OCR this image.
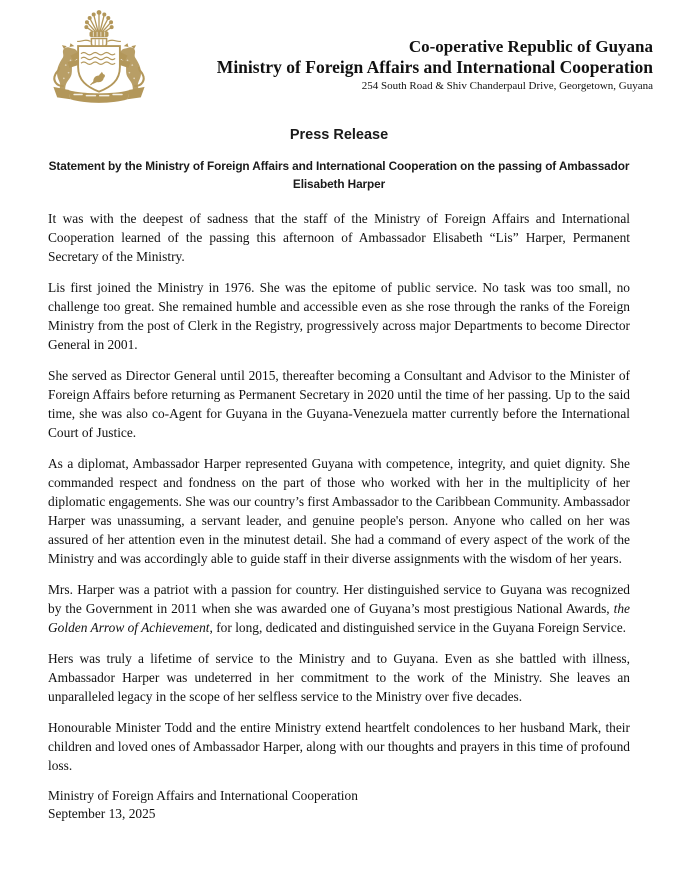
Co-operative Republic of Guyana
Ministry of Foreign Affairs and International Cooperation
254 South Road & Shiv Chanderpaul Drive, Georgetown, Guyana
Press Release
Statement by the Ministry of Foreign Affairs and International Cooperation on the passing of Ambassador Elisabeth Harper

It was with the deepest of sadness that the staff of the Ministry of Foreign Affairs and International Cooperation learned of the passing this afternoon of Ambassador Elisabeth “Lis” Harper, Permanent Secretary of the Ministry.

Lis first joined the Ministry in 1976. She was the epitome of public service. No task was too small, no challenge too great. She remained humble and accessible even as she rose through the ranks of the Foreign Ministry from the post of Clerk in the Registry, progressively across major Departments to become Director General in 2001.

She served as Director General until 2015, thereafter becoming a Consultant and Advisor to the Minister of Foreign Affairs before returning as Permanent Secretary in 2020 until the time of her passing. Up to the said time, she was also co-Agent for Guyana in the Guyana-Venezuela matter currently before the International Court of Justice.

As a diplomat, Ambassador Harper represented Guyana with competence, integrity, and quiet dignity. She commanded respect and fondness on the part of those who worked with her in the multiplicity of her diplomatic engagements. She was our country’s first Ambassador to the Caribbean Community. Ambassador Harper was unassuming, a servant leader, and genuine people's person. Anyone who called on her was assured of her attention even in the minutest detail. She had a command of every aspect of the work of the Ministry and was accordingly able to guide staff in their diverse assignments with the wisdom of her years.

Mrs. Harper was a patriot with a passion for country. Her distinguished service to Guyana was recognized by the Government in 2011 when she was awarded one of Guyana’s most prestigious National Awards, the Golden Arrow of Achievement, for long, dedicated and distinguished service in the Guyana Foreign Service.

Hers was truly a lifetime of service to the Ministry and to Guyana. Even as she battled with illness, Ambassador Harper was undeterred in her commitment to the work of the Ministry. She leaves an unparalleled legacy in the scope of her selfless service to the Ministry over five decades.

Honourable Minister Todd and the entire Ministry extend heartfelt condolences to her husband Mark, their children and loved ones of Ambassador Harper, along with our thoughts and prayers in this time of profound loss.

Ministry of Foreign Affairs and International Cooperation
September 13, 2025
